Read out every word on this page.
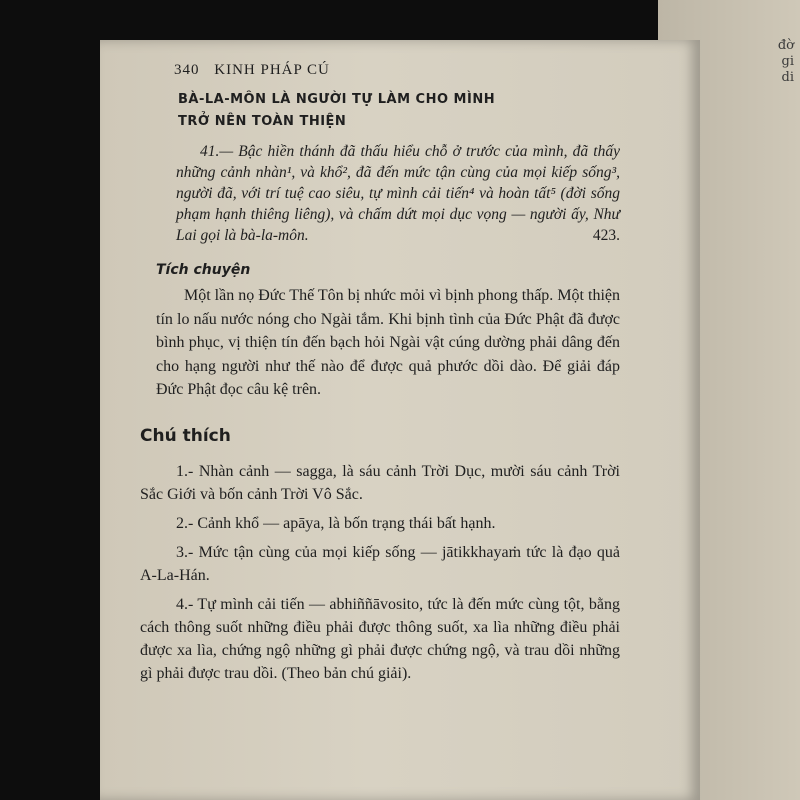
đờ
gi
di
340 KINH PHÁP CÚ
BÀ-LA-MÔN LÀ NGƯỜI TỰ LÀM CHO MÌNH
TRỞ NÊN TOÀN THIỆN

41.— Bậc hiền thánh đã thấu hiểu chỗ ở trước của mình, đã thấy những cảnh nhàn¹, và khổ², đã đến mức tận cùng của mọi kiếp sống³, người đã, với trí tuệ cao siêu, tự mình cải tiến⁴ và hoàn tất⁵ (đời sống phạm hạnh thiêng liêng), và chấm dứt mọi dục vọng — người ấy, Như Lai gọi là bà-la-môn.	423.

Tích chuyện

Một lần nọ Đức Thế Tôn bị nhức mỏi vì bịnh phong thấp. Một thiện tín lo nấu nước nóng cho Ngài tắm. Khi bịnh tình của Đức Phật đã được bình phục, vị thiện tín đến bạch hỏi Ngài vật cúng dường phải dâng đến cho hạng người như thế nào để được quả phước dồi dào. Để giải đáp Đức Phật đọc câu kệ trên.

Chú thích

1.- Nhàn cảnh — sagga, là sáu cảnh Trời Dục, mười sáu cảnh Trời Sắc Giới và bốn cảnh Trời Vô Sắc.

2.- Cảnh khổ — apāya, là bốn trạng thái bất hạnh.

3.- Mức tận cùng của mọi kiếp sống — jātikkhayaṁ tức là đạo quả A-La-Hán.

4.- Tự mình cải tiến — abhiññāvosito, tức là đến mức cùng tột, bằng cách thông suốt những điều phải được thông suốt, xa lìa những điều phải được xa lìa, chứng ngộ những gì phải được chứng ngộ, và trau dồi những gì phải được trau dồi. (Theo bản chú giải).
